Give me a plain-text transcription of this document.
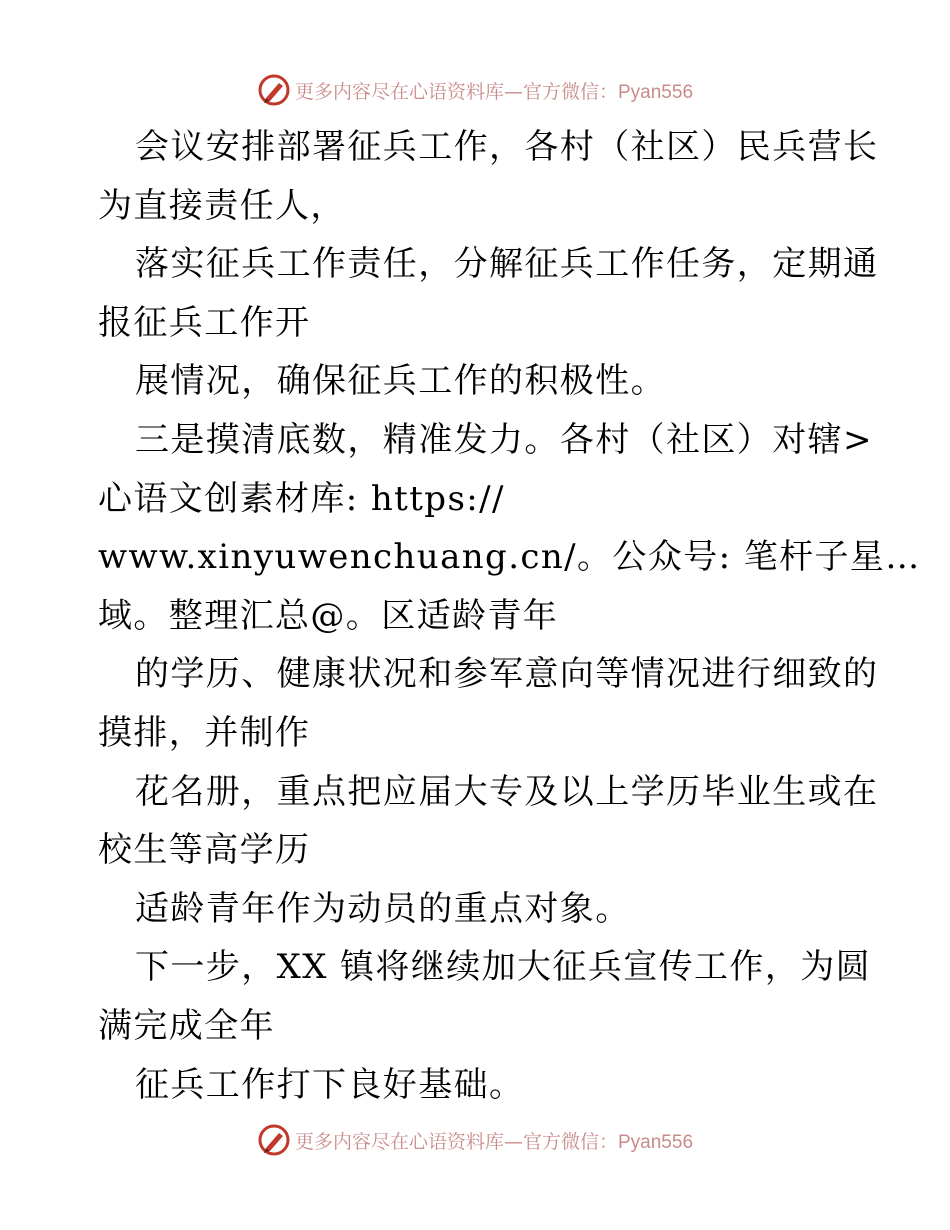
更多内容尽在心语资料库—官方微信：Pyan556
会议安排部署征兵工作，各村（社区）民兵营长
为直接责任人，
落实征兵工作责任，分解征兵工作任务，定期通
报征兵工作开
展情况，确保征兵工作的积极性。
三是摸清底数，精准发力。各村（社区）对辖>
心语文创素材库: https://
www.xinyuwenchuang.cn/。公众号: 笔杆子星…
域。整理汇总@。区适龄青年
的学历、健康状况和参军意向等情况进行细致的
摸排，并制作
花名册，重点把应届大专及以上学历毕业生或在
校生等高学历
适龄青年作为动员的重点对象。
下一步，XX 镇将继续加大征兵宣传工作，为圆
满完成全年
征兵工作打下良好基础。
更多内容尽在心语资料库—官方微信：Pyan556
